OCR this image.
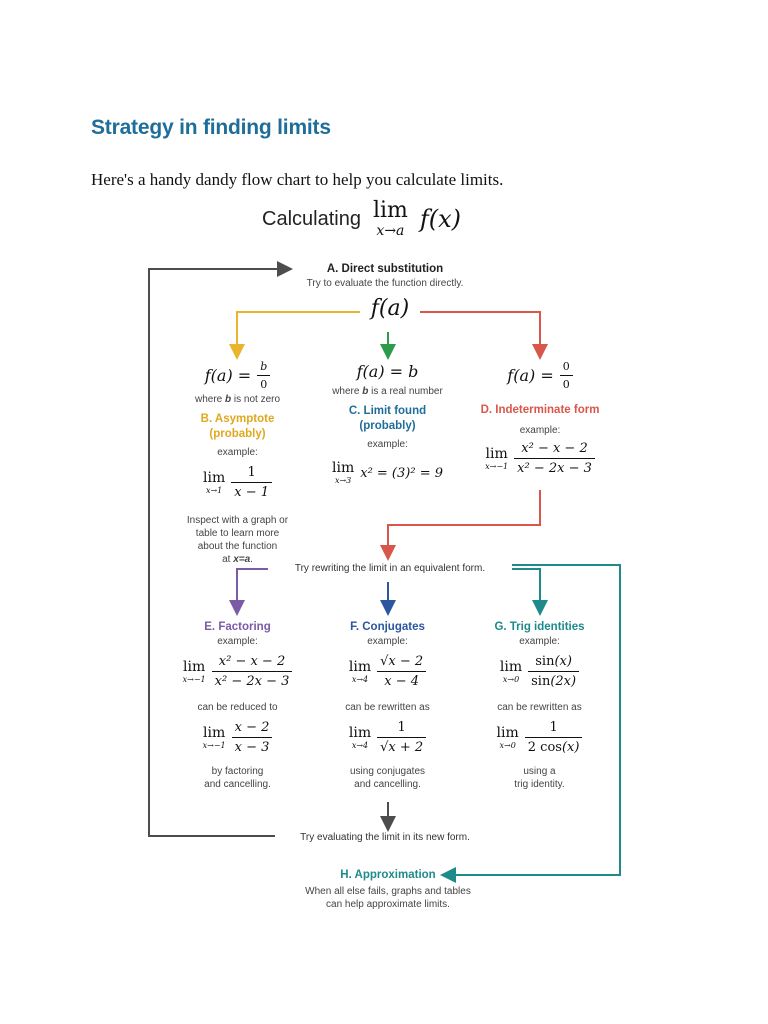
Strategy in finding limits
Here's a handy dandy flow chart to help you calculate limits.
Calculating lim
x→a f(x)
A. Direct substitution
Try to evaluate the function directly.
f(a)
$f(a) = \frac{b}{0}$
where b is not zero
B. Asymptote
(probably)
example:
lim
$x\to 1 \frac{1}{x - 1}$
Inspect with a graph or
table to learn more
about the function
at x=a.
f(a) = b
where b is a real number
C. Limit found
(probably)
example:
lim
x→3 x² = (3)² = 9
$f(a) = \frac{0}{0}$
D. Indeterminate form
example:
lim
$x\to-1 \frac{\text{x² − x − 2}}{\text{x² − 2x − 3}}$
Try rewriting the limit in an equivalent form.
E. Factoring
example:
lim
$x\to-1 \frac{\text{x² − x − 2}}{\text{x² − 2x − 3}}$
can be reduced to
lim
$x\to-1 \frac{x - 2}{x - 3}$
by factoring
and cancelling.
F. Conjugates
example:
lim
$x\to 4 \frac{√x - 2}{x - 4}$
can be rewritten as
lim
$x\to 4 \frac{1}{√x + 2}$
using conjugates
and cancelling.
G. Trig identities
example:
lim
$x\to 0 \frac{\sin(x)}{\sin(2x)}$
can be rewritten as
lim
$x\to 0 \frac{1}{2 \cos(x)}$
using a
trig identity.
Try evaluating the limit in its new form.
H. Approximation
When all else fails, graphs and tables
can help approximate limits.
